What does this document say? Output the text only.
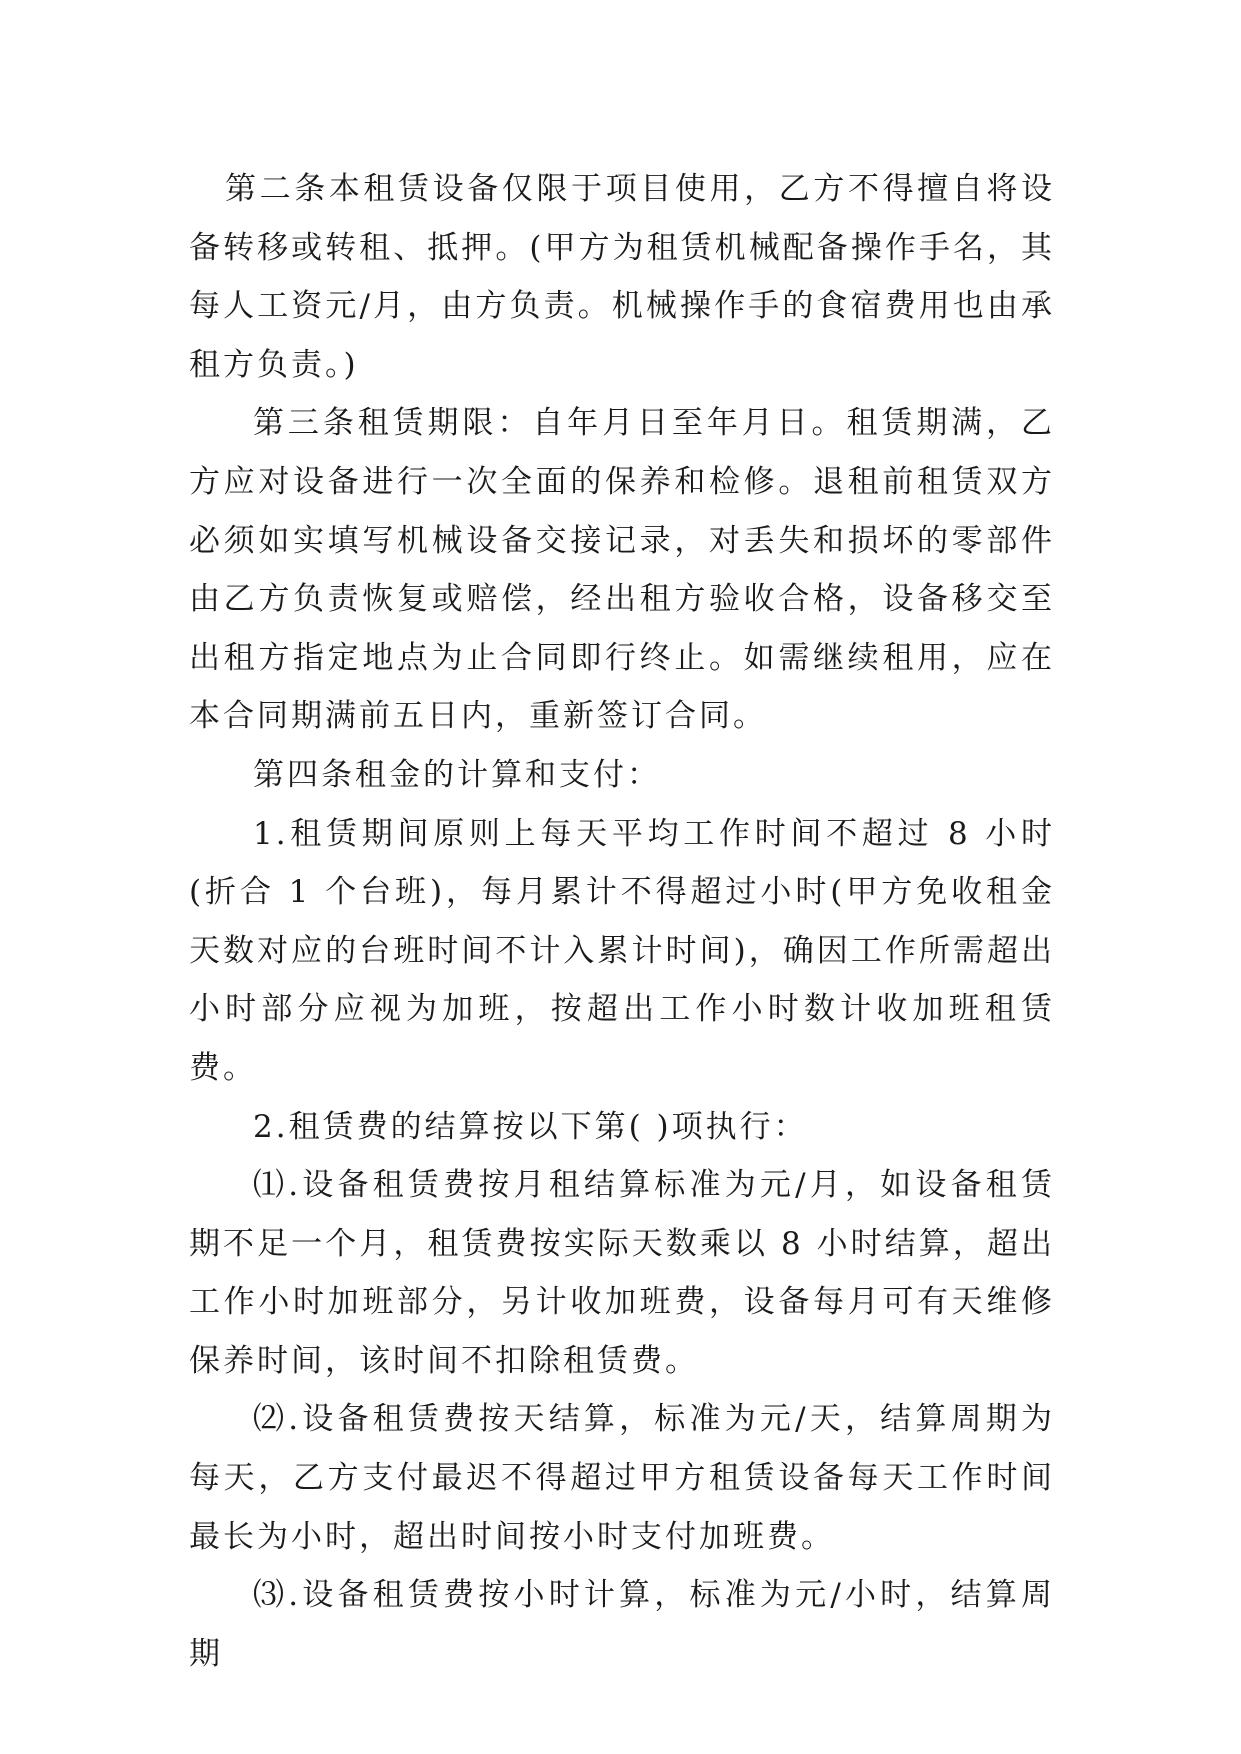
第二条本租赁设备仅限于项目使用，乙方不得擅自将设备转移或转租、抵押。(甲方为租赁机械配备操作手名，其每人工资元/月，由方负责。机械操作手的食宿费用也由承租方负责。)

第三条租赁期限：自年月日至年月日。租赁期满，乙方应对设备进行一次全面的保养和检修。退租前租赁双方必须如实填写机械设备交接记录，对丢失和损坏的零部件由乙方负责恢复或赔偿，经出租方验收合格，设备移交至出租方指定地点为止合同即行终止。如需继续租用，应在本合同期满前五日内，重新签订合同。

第四条租金的计算和支付：

1.租赁期间原则上每天平均工作时间不超过 8 小时(折合 1 个台班)，每月累计不得超过小时(甲方免收租金天数对应的台班时间不计入累计时间)，确因工作所需超出小时部分应视为加班，按超出工作小时数计收加班租赁费。

2.租赁费的结算按以下第( )项执行：

⑴.设备租赁费按月租结算标准为元/月，如设备租赁期不足一个月，租赁费按实际天数乘以 8 小时结算，超出工作小时加班部分，另计收加班费，设备每月可有天维修保养时间，该时间不扣除租赁费。

⑵.设备租赁费按天结算，标准为元/天，结算周期为每天，乙方支付最迟不得超过甲方租赁设备每天工作时间最长为小时，超出时间按小时支付加班费。

⑶.设备租赁费按小时计算，标准为元/小时，结算周期
